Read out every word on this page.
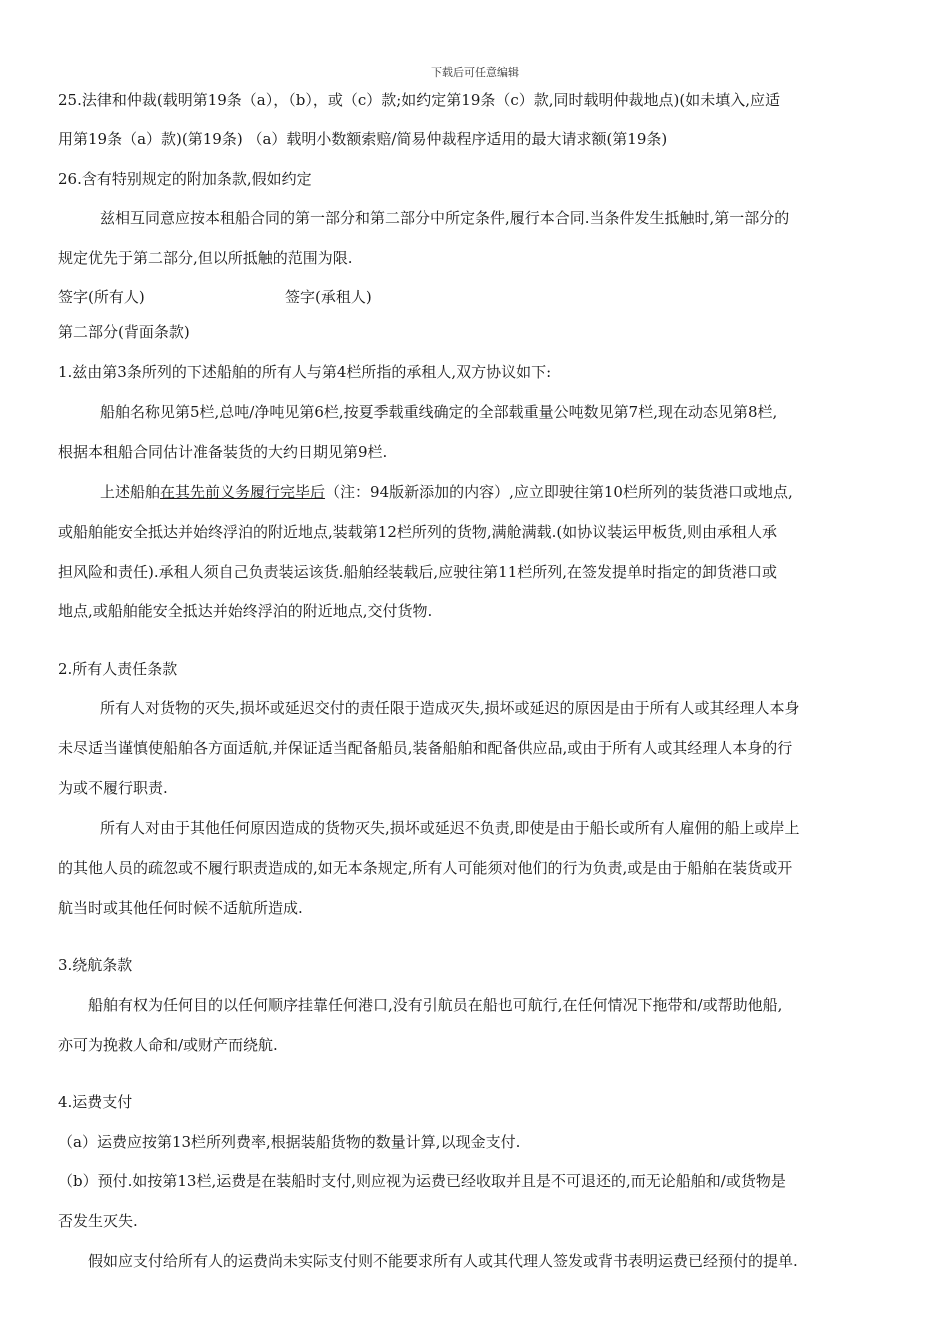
下载后可任意编辑
25.法律和仲裁(载明第19条（a），（b），或（c）款;如约定第19条（c）款,同时载明仲裁地点)(如未填入,应适
用第19条（a）款)(第19条) （a）载明小数额索赔/简易仲裁程序适用的最大请求额(第19条)
26.含有特别规定的附加条款,假如约定
兹相互同意应按本租船合同的第一部分和第二部分中所定条件,履行本合同.当条件发生抵触时,第一部分的
规定优先于第二部分,但以所抵触的范围为限.
签字(所有人)	签字(承租人)
第二部分(背面条款)
1.兹由第3条所列的下述船舶的所有人与第4栏所指的承租人,双方协议如下:
船舶名称见第5栏,总吨/净吨见第6栏,按夏季载重线确定的全部载重量公吨数见第7栏,现在动态见第8栏,
根据本租船合同估计准备装货的大约日期见第9栏.
上述船舶在其先前义务履行完毕后（注：94版新添加的内容）,应立即驶往第10栏所列的装货港口或地点,
或船舶能安全抵达并始终浮泊的附近地点,装载第12栏所列的货物,满舱满载.(如协议装运甲板货,则由承租人承
担风险和责任).承租人须自己负责装运该货.船舶经装载后,应驶往第11栏所列,在签发提单时指定的卸货港口或
地点,或船舶能安全抵达并始终浮泊的附近地点,交付货物.
2.所有人责任条款
所有人对货物的灭失,损坏或延迟交付的责任限于造成灭失,损坏或延迟的原因是由于所有人或其经理人本身
未尽适当谨慎使船舶各方面适航,并保证适当配备船员,装备船舶和配备供应品,或由于所有人或其经理人本身的行
为或不履行职责.
所有人对由于其他任何原因造成的货物灭失,损坏或延迟不负责,即使是由于船长或所有人雇佣的船上或岸上
的其他人员的疏忽或不履行职责造成的,如无本条规定,所有人可能须对他们的行为负责,或是由于船舶在装货或开
航当时或其他任何时候不适航所造成.
3.绕航条款
船舶有权为任何目的以任何顺序挂靠任何港口,没有引航员在船也可航行,在任何情况下拖带和/或帮助他船,
亦可为挽救人命和/或财产而绕航.
4.运费支付
（a）运费应按第13栏所列费率,根据装船货物的数量计算,以现金支付.
（b）预付.如按第13栏,运费是在装船时支付,则应视为运费已经收取并且是不可退还的,而无论船舶和/或货物是
否发生灭失.
假如应支付给所有人的运费尚未实际支付则不能要求所有人或其代理人签发或背书表明运费已经预付的提单.
